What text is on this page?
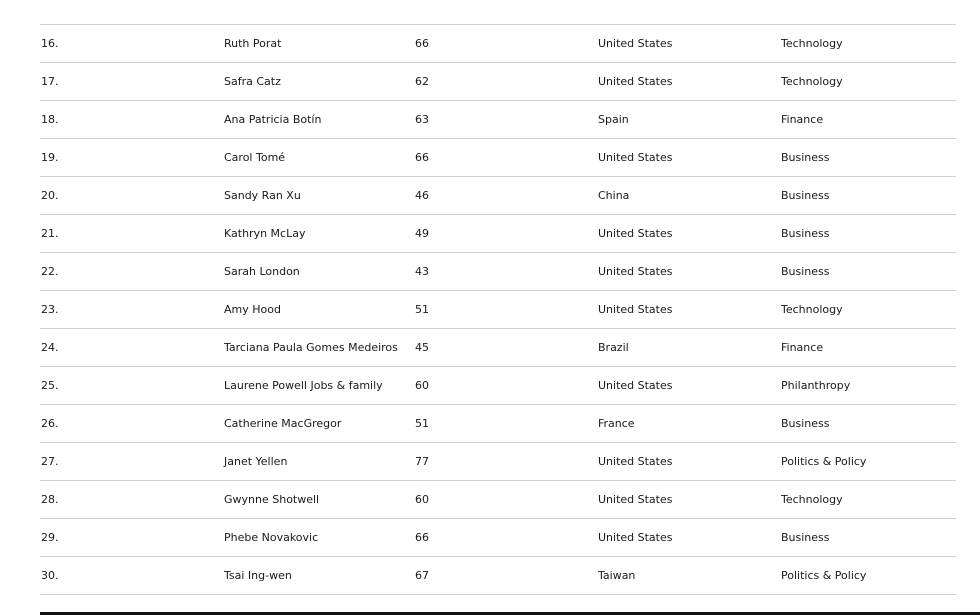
16.	Ruth Porat	66	United States	Technology
17.	Safra Catz	62	United States	Technology
18.	Ana Patricia Botín	63	Spain	Finance
19.	Carol Tomé	66	United States	Business
20.	Sandy Ran Xu	46	China	Business
21.	Kathryn McLay	49	United States	Business
22.	Sarah London	43	United States	Business
23.	Amy Hood	51	United States	Technology
24.	Tarciana Paula Gomes Medeiros 45	Brazil	Finance
25.	Laurene Powell Jobs & family	60	United States	Philanthropy
26.	Catherine MacGregor	51	France	Business
27.	Janet Yellen	77	United States	Politics & Policy
28.	Gwynne Shotwell	60	United States	Technology
29.	Phebe Novakovic	66	United States	Business
30.	Tsai Ing-wen	67	Taiwan	Politics & Policy
